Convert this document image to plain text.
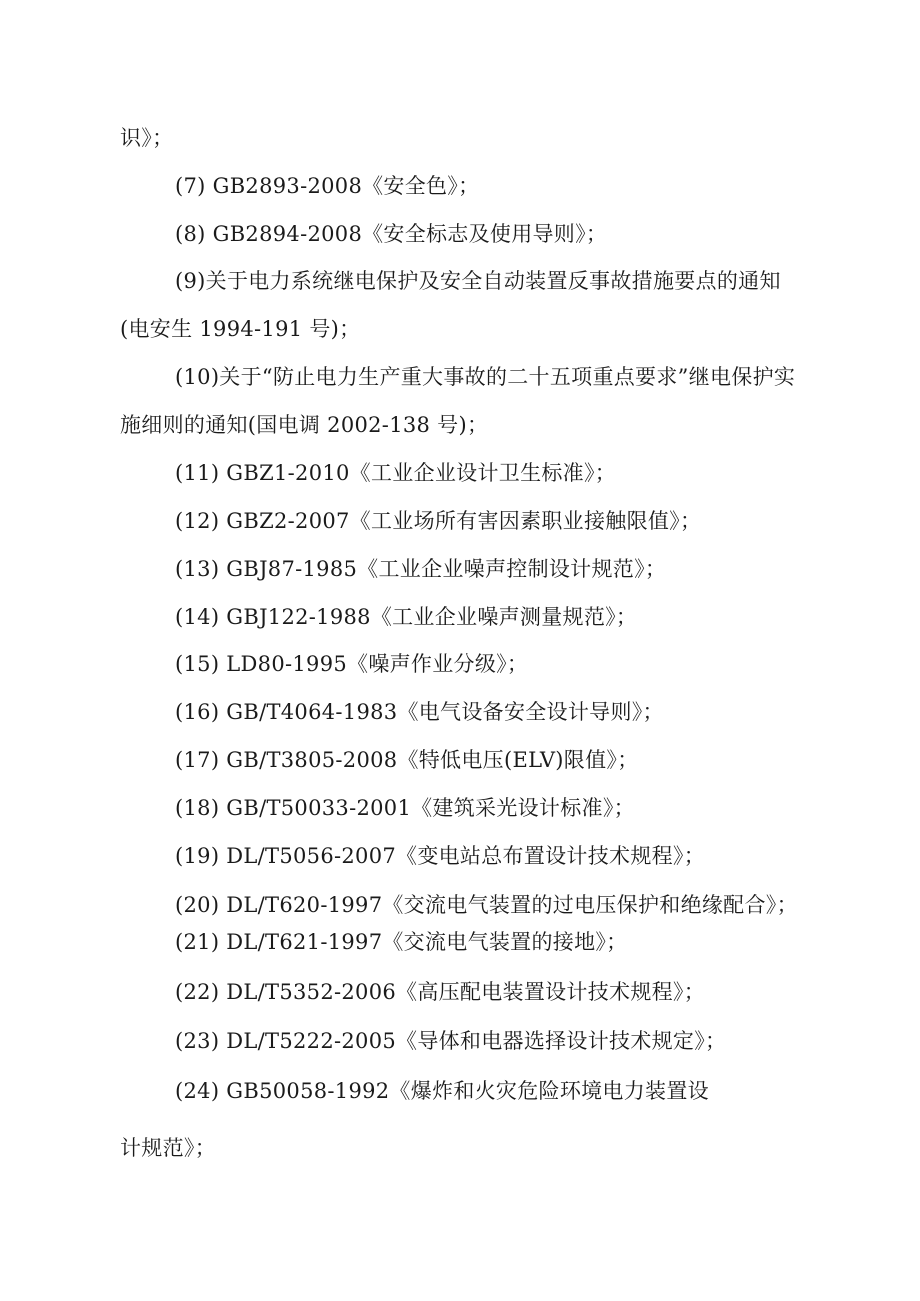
识》；
(7) GB2893-2008《安全色》；
(8) GB2894-2008《安全标志及使用导则》；
(9)关于电力系统继电保护及安全自动装置反事故措施要点的通知
(电安生 1994-191 号)；
(10)关于“防止电力生产重大事故的二十五项重点要求”继电保护实
施细则的通知(国电调 2002-138 号)；
(11) GBZ1-2010《工业企业设计卫生标准》；
(12) GBZ2-2007《工业场所有害因素职业接触限值》；
(13) GBJ87-1985《工业企业噪声控制设计规范》；
(14) GBJ122-1988《工业企业噪声测量规范》；
(15) LD80-1995《噪声作业分级》；
(16) GB/T4064-1983《电气设备安全设计导则》；
(17) GB/T3805-2008《特低电压(ELV)限值》；
(18) GB/T50033-2001《建筑采光设计标准》；
(19) DL/T5056-2007《变电站总布置设计技术规程》；
(20) DL/T620-1997《交流电气装置的过电压保护和绝缘配合》；
(21) DL/T621-1997《交流电气装置的接地》；
(22) DL/T5352-2006《高压配电装置设计技术规程》；
(23) DL/T5222-2005《导体和电器选择设计技术规定》；
(24) GB50058-1992《爆炸和火灾危险环境电力装置设
计规范》；
